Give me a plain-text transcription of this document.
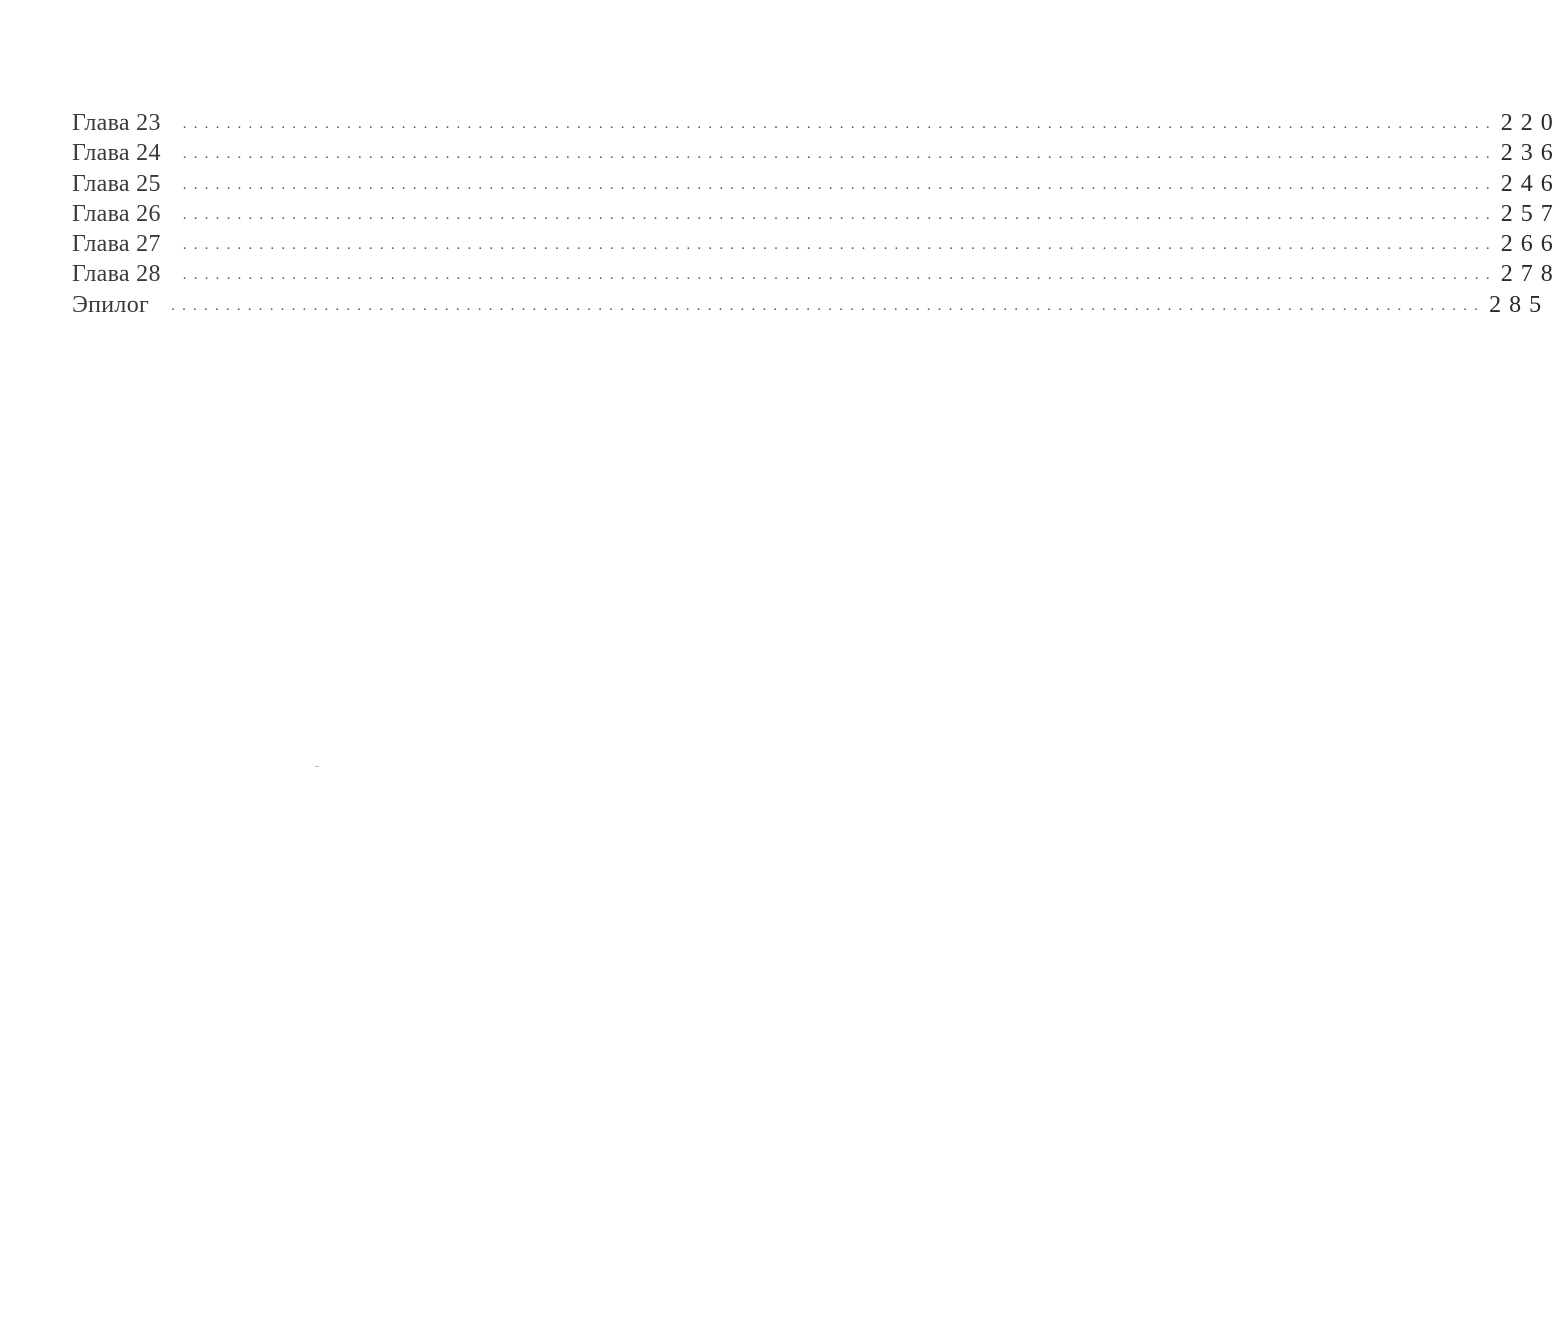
Глава 23 ........................................................................................................................ 220
Глава 24 ........................................................................................................................ 236
Глава 25 ........................................................................................................................ 246
Глава 26 ........................................................................................................................ 257
Глава 27 ........................................................................................................................ 266
Глава 28 ........................................................................................................................ 278
Эпилог ........................................................................................................................ 285
